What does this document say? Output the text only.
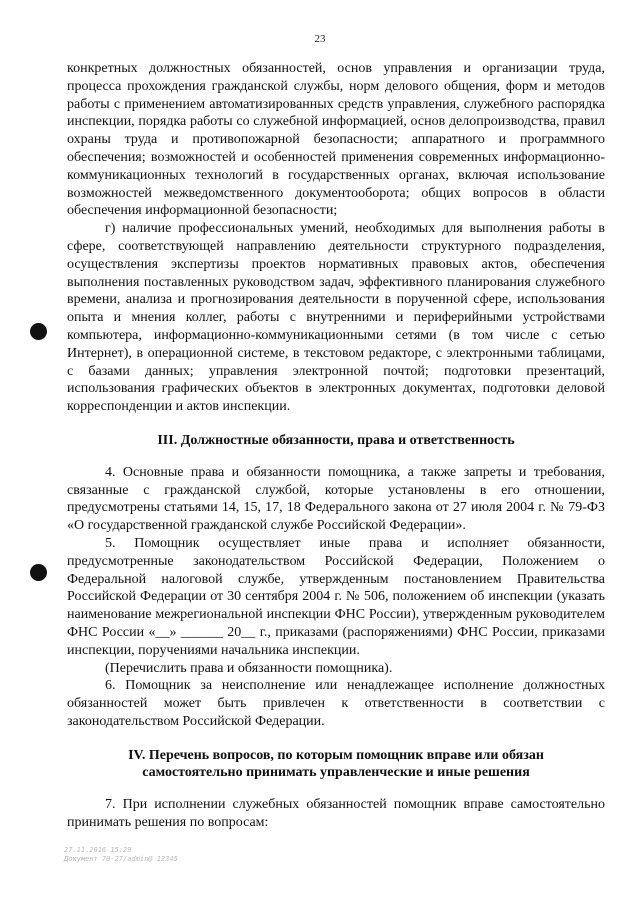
23

конкретных должностных обязанностей, основ управления и организации труда, процесса прохождения гражданской службы, норм делового общения, форм и методов работы с применением автоматизированных средств управления, служебного распорядка инспекции, порядка работы со служебной информацией, основ делопроизводства, правил охраны труда и противопожарной безопасности; аппаратного и программного обеспечения; возможностей и особенностей применения современных информационно-коммуникационных технологий в государственных органах, включая использование возможностей межведомственного документооборота; общих вопросов в области обеспечения информационной безопасности;

г) наличие профессиональных умений, необходимых для выполнения работы в сфере, соответствующей направлению деятельности структурного подразделения, осуществления экспертизы проектов нормативных правовых актов, обеспечения выполнения поставленных руководством задач, эффективного планирования служебного времени, анализа и прогнозирования деятельности в порученной сфере, использования опыта и мнения коллег, работы с внутренними и периферийными устройствами компьютера, информационно-коммуникационными сетями (в том числе с сетью Интернет), в операционной системе, в текстовом редакторе, с электронными таблицами, с базами данных; управления электронной почтой; подготовки презентаций, использования графических объектов в электронных документах, подготовки деловой корреспонденции и актов инспекции.

III. Должностные обязанности, права и ответственность

4. Основные права и обязанности помощника, а также запреты и требования, связанные с гражданской службой, которые установлены в его отношении, предусмотрены статьями 14, 15, 17, 18 Федерального закона от 27 июля 2004 г. № 79-ФЗ «О государственной гражданской службе Российской Федерации».

5. Помощник осуществляет иные права и исполняет обязанности, предусмотренные законодательством Российской Федерации, Положением о Федеральной налоговой службе, утвержденным постановлением Правительства Российской Федерации от 30 сентября 2004 г. № 506, положением об инспекции (указать наименование межрегиональной инспекции ФНС России), утвержденным руководителем ФНС России «__» ______ 20__ г., приказами (распоряжениями) ФНС России, приказами инспекции, поручениями начальника инспекции.

(Перечислить права и обязанности помощника).

6. Помощник за неисполнение или ненадлежащее исполнение должностных обязанностей может быть привлечен к ответственности в соответствии с законодательством Российской Федерации.

IV. Перечень вопросов, по которым помощник вправе или обязан
самостоятельно принимать управленческие и иные решения

7. При исполнении служебных обязанностей помощник вправе самостоятельно принимать решения по вопросам:

27.11.2016 15:29
Документ 70-27/admin@ 12345
